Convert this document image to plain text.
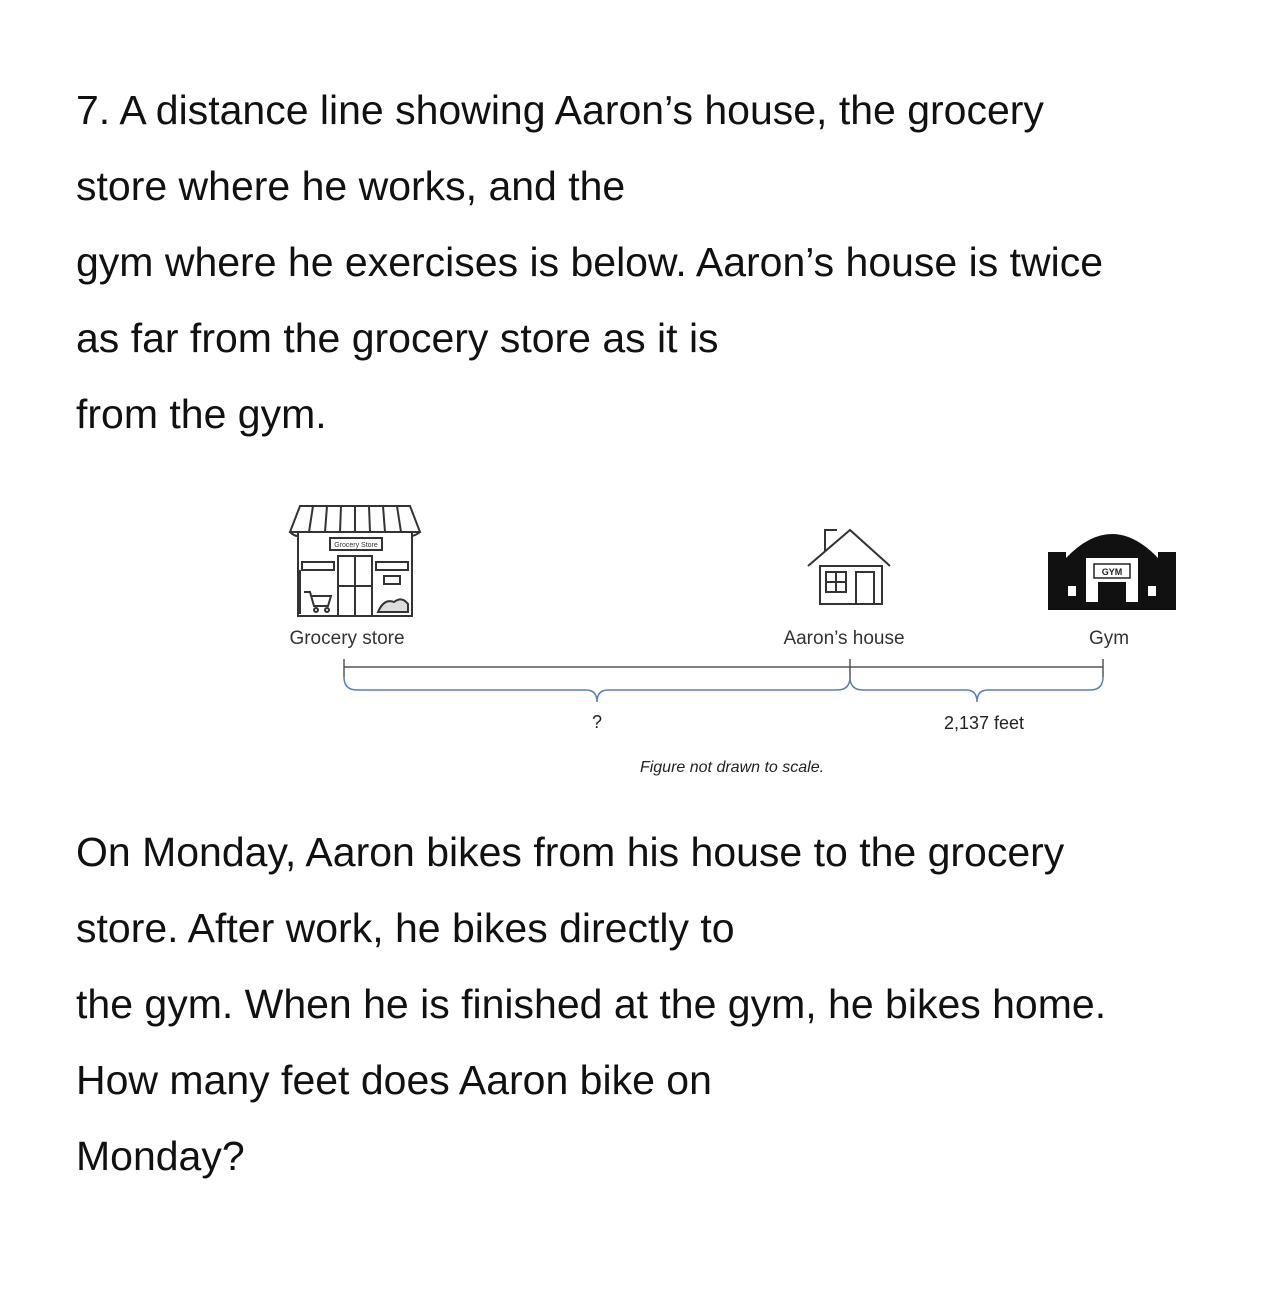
7. A distance line showing Aaron’s house, the grocery
store where he works, and the
gym where he exercises is below. Aaron’s house is twice
as far from the grocery store as it is
from the gym.
Grocery Store
GYM
Grocery store	Aaron’s house	Gym
?	2,137 feet
Figure not drawn to scale.
On Monday, Aaron bikes from his house to the grocery
store. After work, he bikes directly to
the gym. When he is finished at the gym, he bikes home.
How many feet does Aaron bike on
Monday?
